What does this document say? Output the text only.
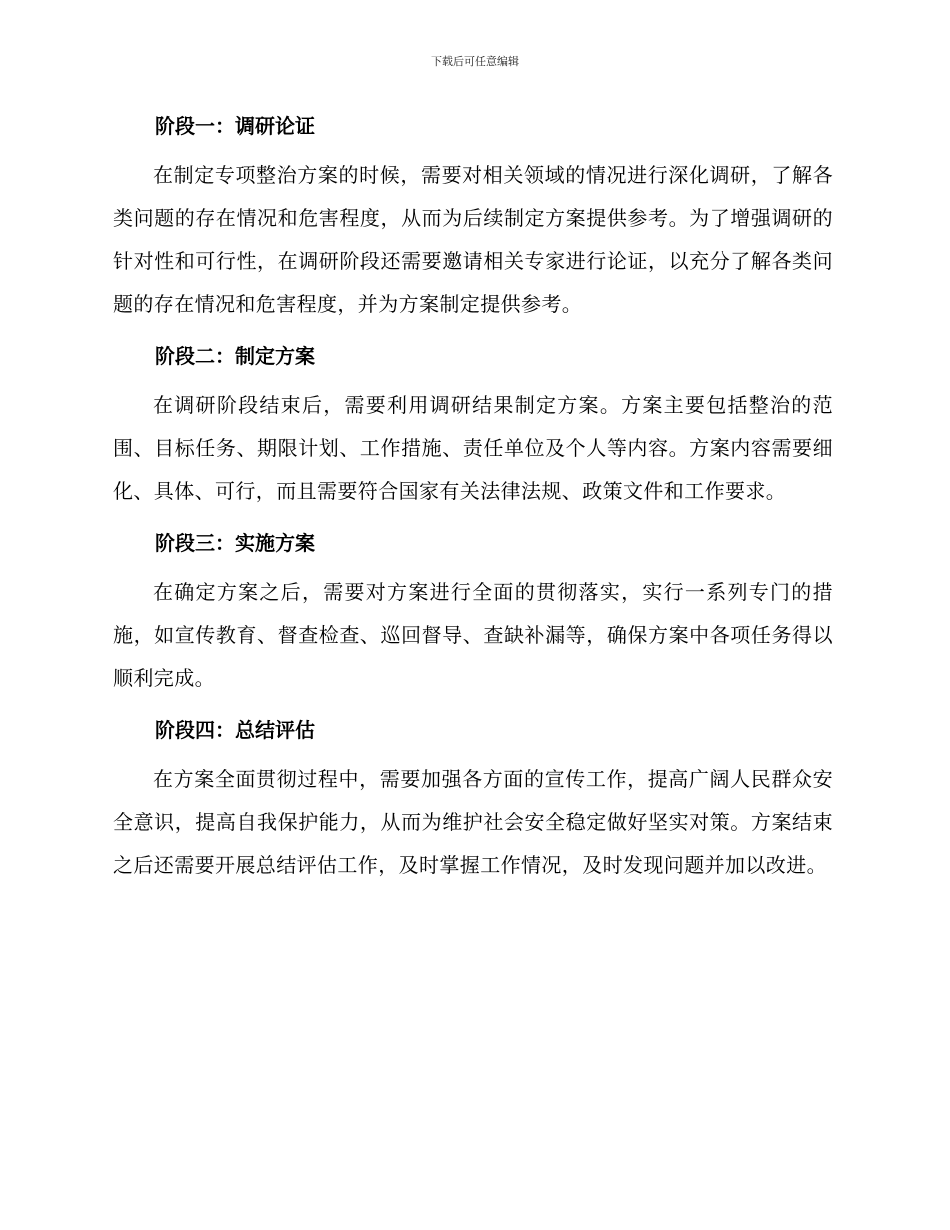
下载后可任意编辑
阶段一：调研论证

在制定专项整治方案的时候，需要对相关领域的情况进行深化调研，了解各类问题的存在情况和危害程度，从而为后续制定方案提供参考。为了增强调研的针对性和可行性，在调研阶段还需要邀请相关专家进行论证，以充分了解各类问题的存在情况和危害程度，并为方案制定提供参考。

阶段二：制定方案

在调研阶段结束后，需要利用调研结果制定方案。方案主要包括整治的范围、目标任务、期限计划、工作措施、责任单位及个人等内容。方案内容需要细化、具体、可行，而且需要符合国家有关法律法规、政策文件和工作要求。

阶段三：实施方案

在确定方案之后，需要对方案进行全面的贯彻落实，实行一系列专门的措施，如宣传教育、督查检查、巡回督导、查缺补漏等，确保方案中各项任务得以顺利完成。

阶段四：总结评估

在方案全面贯彻过程中，需要加强各方面的宣传工作，提高广阔人民群众安全意识，提高自我保护能力，从而为维护社会安全稳定做好坚实对策。方案结束之后还需要开展总结评估工作，及时掌握工作情况，及时发现问题并加以改进。
